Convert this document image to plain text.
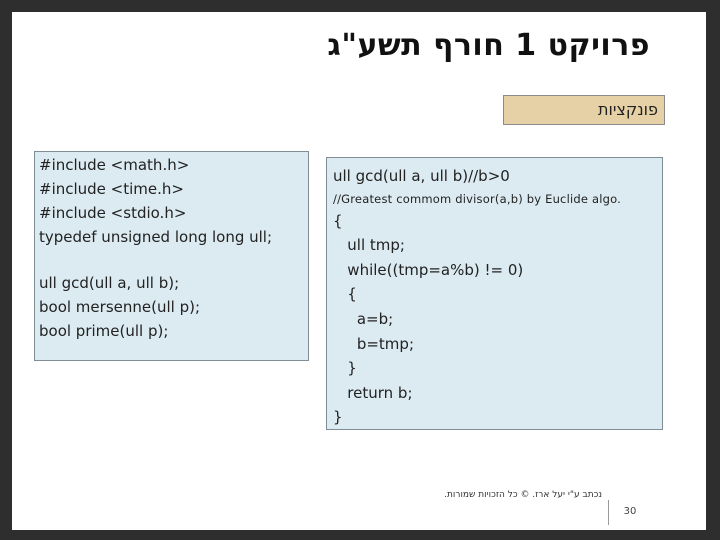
פרויקט 1 חורף תשע"ג
פונקציות
#include <math.h>
#include <time.h>
#include <stdio.h>
typedef unsigned long long ull;
ull gcd(ull a, ull b);
bool mersenne(ull p);
bool prime(ull p);
ull gcd(ull a, ull b)//b>0
//Greatest commom divisor(a,b) by Euclide algo.
{
ull tmp;
while((tmp=a%b) != 0)
{
a=b;
b=tmp;
}
return b;
}
נכתב ע"י יעל ארז. © כל הזכויות שמורות.
30
